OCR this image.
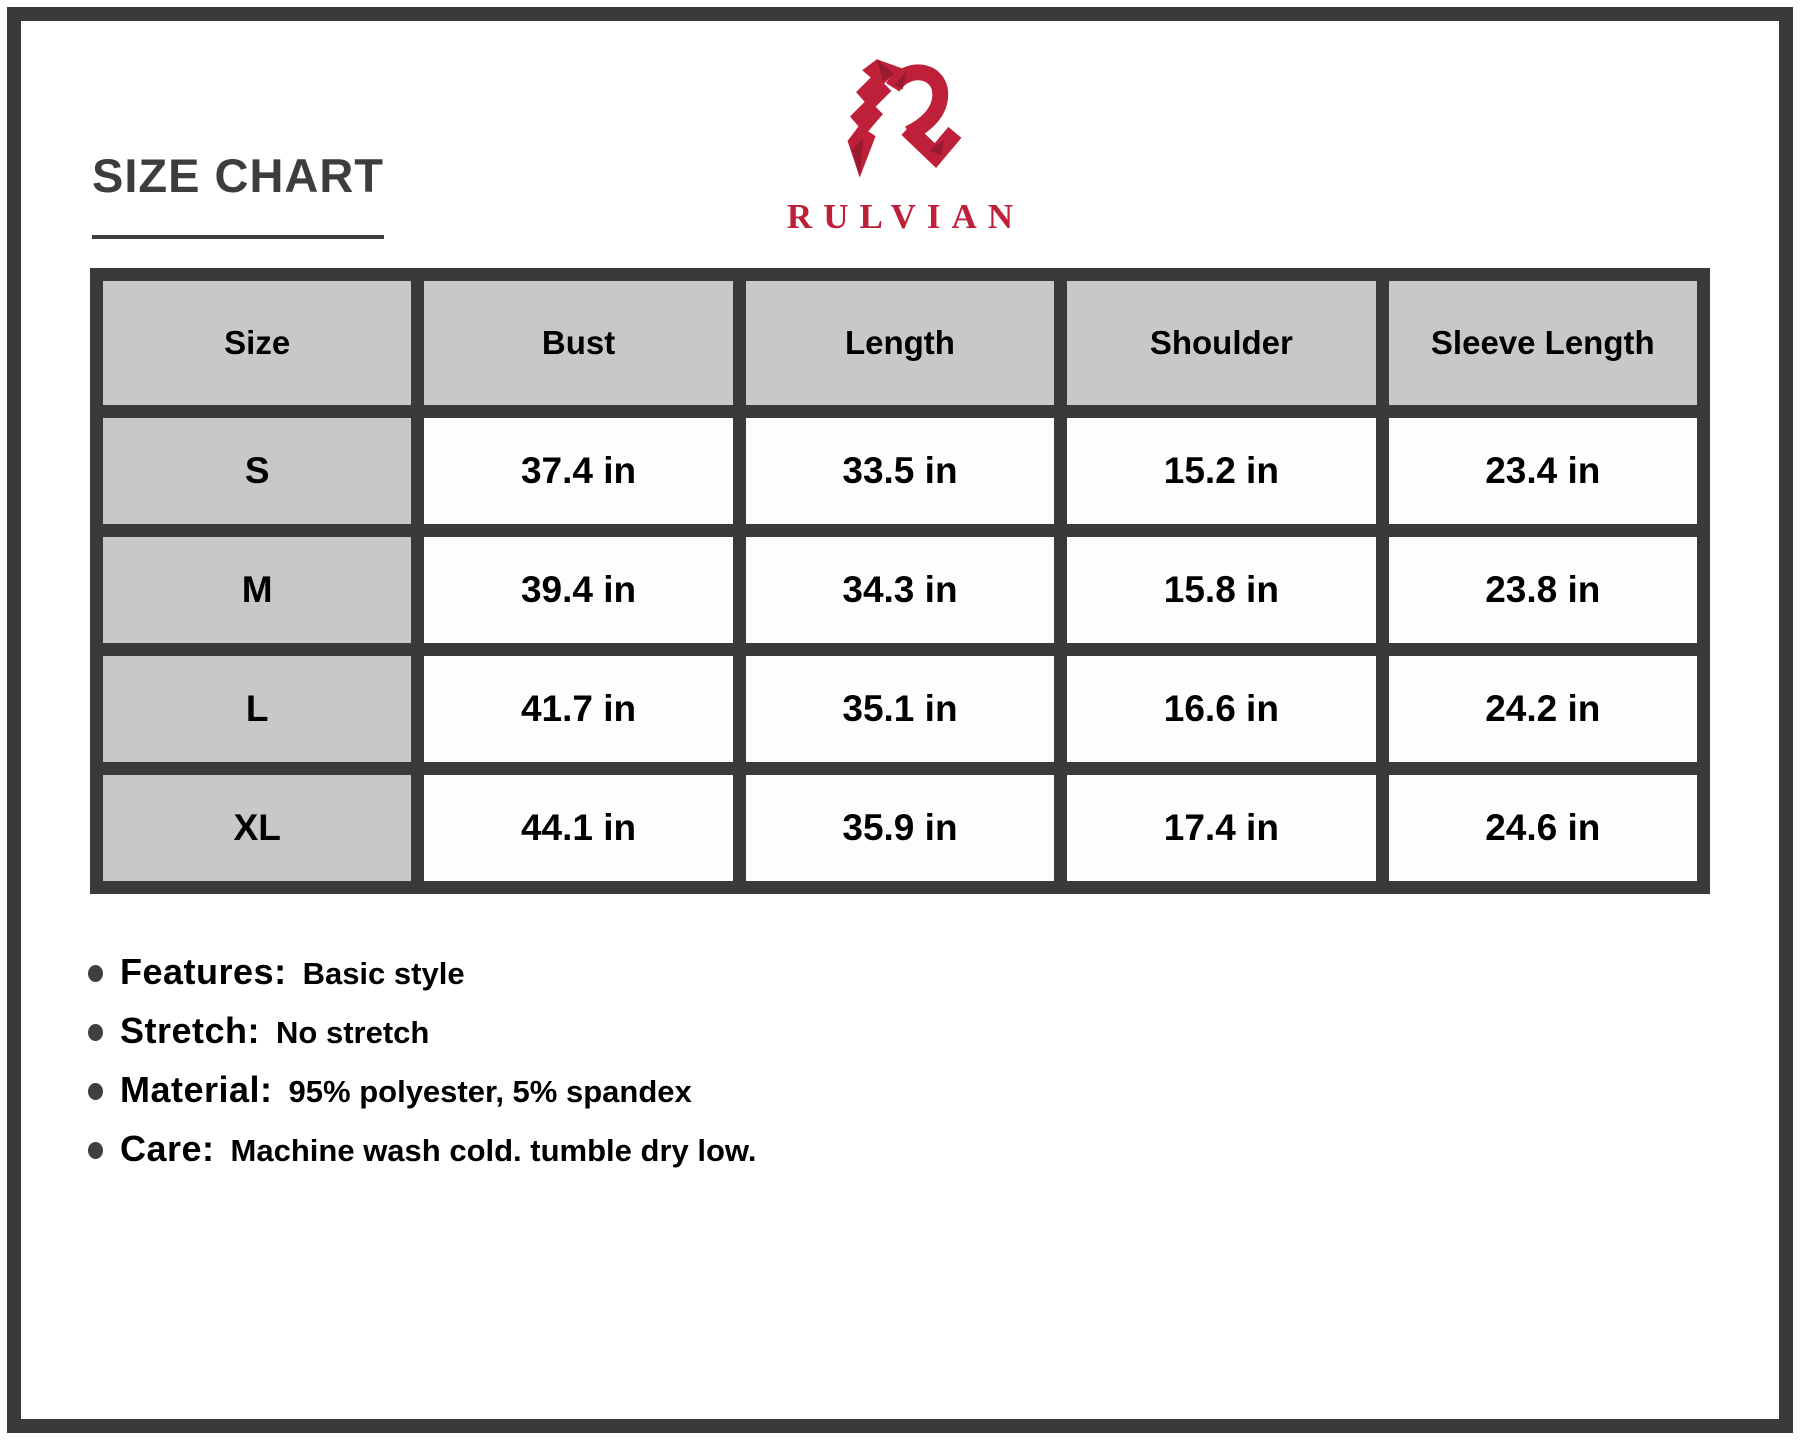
SIZE CHART
RULVIAN
Size	Bust	Length	Shoulder	Sleeve Length
S	37.4 in	33.5 in	15.2 in	23.4 in
M	39.4 in	34.3 in	15.8 in	23.8 in
L	41.7 in	35.1 in	16.6 in	24.2 in
XL	44.1 in	35.9 in	17.4 in	24.6 in
Features: Basic style
Stretch: No stretch
Material: 95% polyester, 5% spandex
Care: Machine wash cold. tumble dry low.
